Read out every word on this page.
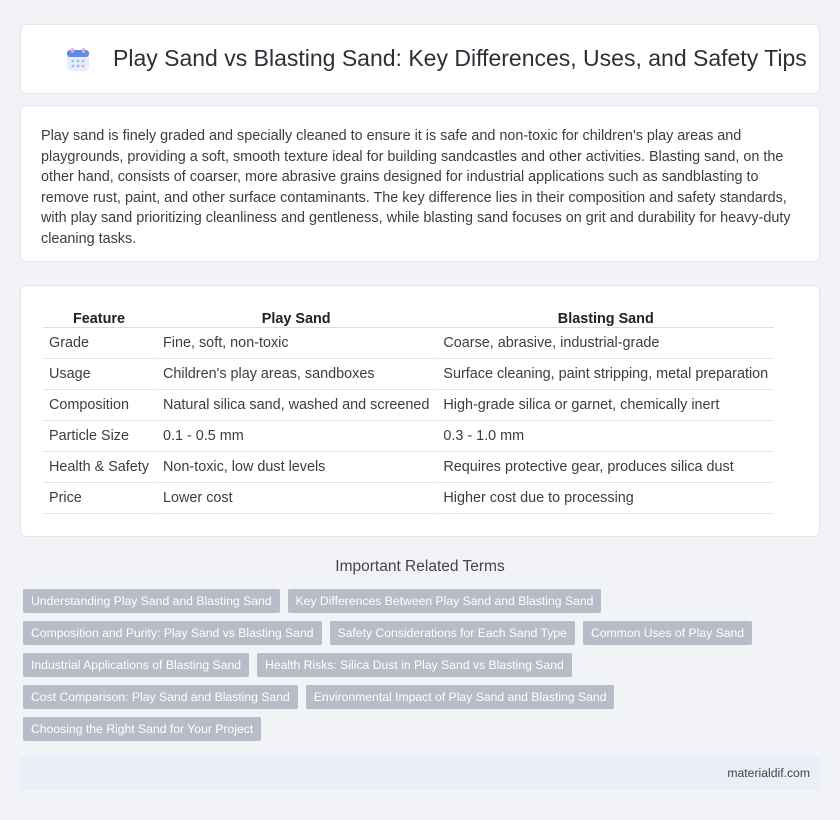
Play Sand vs Blasting Sand: Key Differences, Uses, and Safety Tips

Play sand is finely graded and specially cleaned to ensure it is safe and non-toxic for children's play areas and playgrounds, providing a soft, smooth texture ideal for building sandcastles and other activities. Blasting sand, on the other hand, consists of coarser, more abrasive grains designed for industrial applications such as sandblasting to remove rust, paint, and other surface contaminants. The key difference lies in their composition and safety standards, with play sand prioritizing cleanliness and gentleness, while blasting sand focuses on grit and durability for heavy-duty cleaning tasks.

Feature	Play Sand	Blasting Sand
Grade	Fine, soft, non-toxic	Coarse, abrasive, industrial-grade
Usage	Children's play areas, sandboxes	Surface cleaning, paint stripping, metal preparation
Composition	Natural silica sand, washed and screened	High-grade silica or garnet, chemically inert
Particle Size	0.1 - 0.5 mm	0.3 - 1.0 mm
Health & Safety	Non-toxic, low dust levels	Requires protective gear, produces silica dust
Price	Lower cost	Higher cost due to processing
Important Related Terms
Understanding Play Sand and Blasting Sand	Key Differences Between Play Sand and Blasting Sand
Composition and Purity: Play Sand vs Blasting Sand	Safety Considerations for Each Sand Type	Common Uses of Play Sand
Industrial Applications of Blasting Sand	Health Risks: Silica Dust in Play Sand vs Blasting Sand
Cost Comparison: Play Sand and Blasting Sand	Environmental Impact of Play Sand and Blasting Sand
Choosing the Right Sand for Your Project
materialdif.com
